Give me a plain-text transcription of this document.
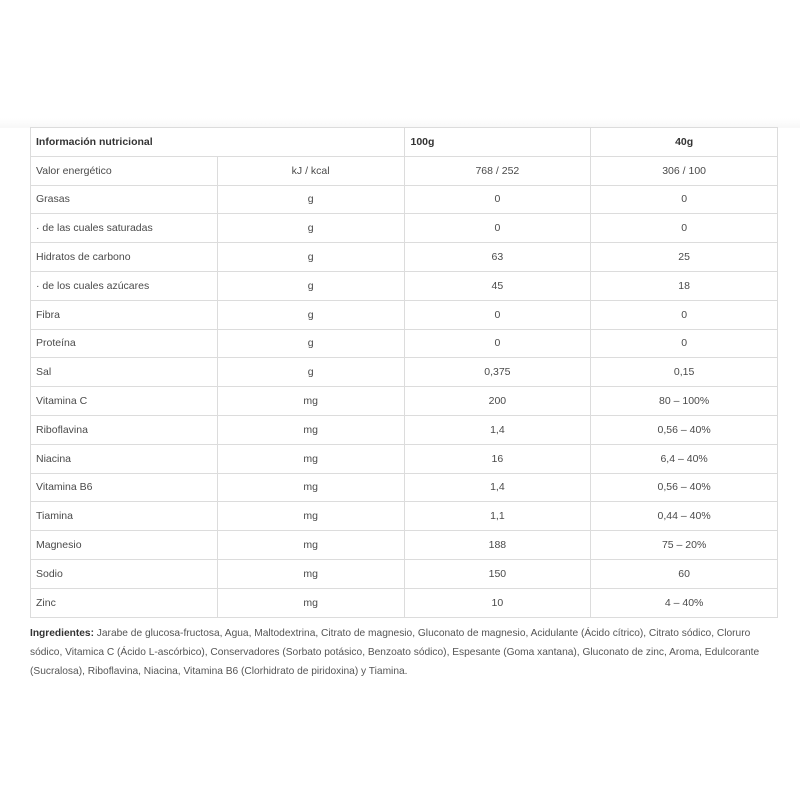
Información nutricional		100g	40g
Valor energético	kJ / kcal	768 / 252	306 / 100
Grasas	g	0	0
· de las cuales saturadas	g	0	0
Hidratos de carbono	g	63	25
· de los cuales azúcares	g	45	18
Fibra	g	0	0
Proteína	g	0	0
Sal	g	0,375	0,15
Vitamina C	mg	200	80 – 100%
Riboflavina	mg	1,4	0,56 – 40%
Niacina	mg	16	6,4 – 40%
Vitamina B6	mg	1,4	0,56 – 40%
Tiamina	mg	1,1	0,44 – 40%
Magnesio	mg	188	75 – 20%
Sodio	mg	150	60
Zinc	mg	10	4 – 40%
Ingredientes: Jarabe de glucosa-fructosa, Agua, Maltodextrina, Citrato de magnesio, Gluconato de magnesio, Acidulante (Ácido cítrico), Citrato sódico, Cloruro sódico, Vitamica C (Ácido L-ascórbico), Conservadores (Sorbato potásico, Benzoato sódico), Espesante (Goma xantana), Gluconato de zinc, Aroma, Edulcorante (Sucralosa), Riboflavina, Niacina, Vitamina B6 (Clorhidrato de piridoxina) y Tiamina.
